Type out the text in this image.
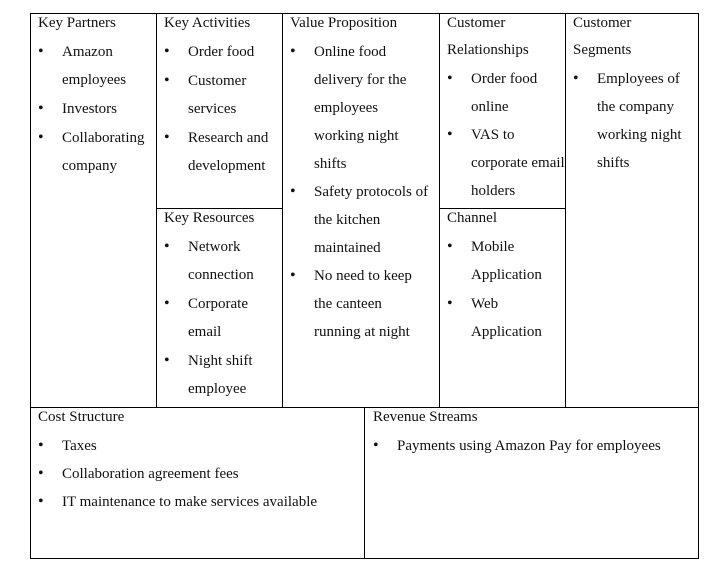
Key Partners
• Amazon employees
• Investors
• Collaborating company
Key Activities
• Order food
• Customer services
• Research and development
Key Resources
• Network connection
• Corporate email
• Night shift employee
Value Proposition
• Online food delivery for the employees working night shifts
• Safety protocols of the kitchen maintained
• No need to keep the canteen running at night
Customer
Relationships
• Order food online
• VAS to corporate email holders
Channel
• Mobile Application
• Web Application
Customer
Segments
• Employees of the company working night shifts
Cost Structure
• Taxes
• Collaboration agreement fees
• IT maintenance to make services available
Revenue Streams
• Payments using Amazon Pay for employees
